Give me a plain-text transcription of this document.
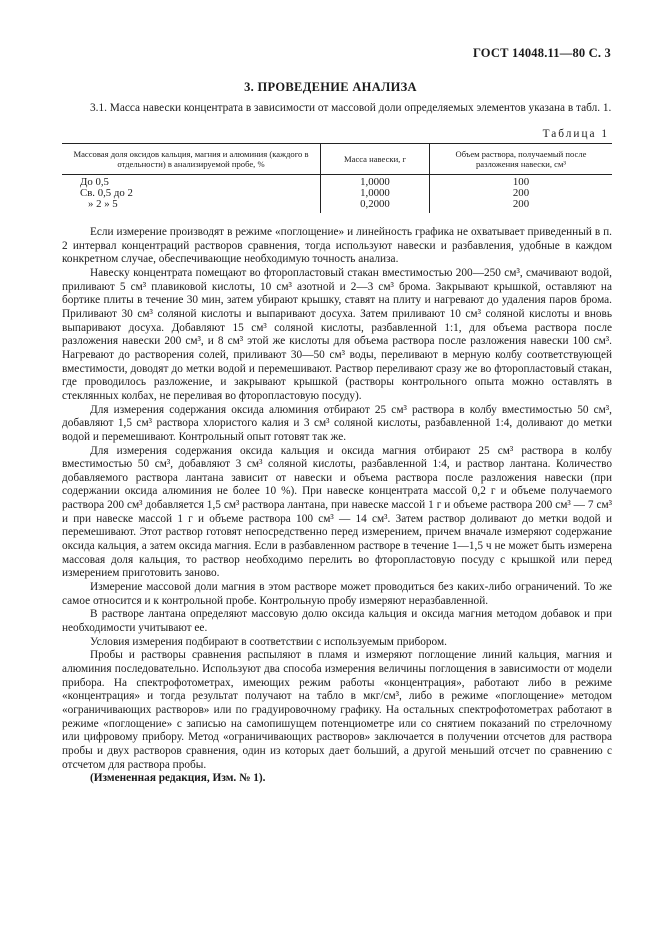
ГОСТ 14048.11—80 С. 3
3. ПРОВЕДЕНИЕ АНАЛИЗА

3.1. Масса навески концентрата в зависимости от массовой доли определяемых элементов указана в табл. 1.

Таблица 1
Массовая доля оксидов кальция, магния и алюминия (каждого в отдельности) в анализируемой пробе, %	Масса навески, г	Объем раствора, получаемый после разложения навески, см³
До 0,5	1,0000	100
Св. 0,5 до 2	1,0000	200
» 2 » 5	0,2000	200

Если измерение производят в режиме «поглощение» и линейность графика не охватывает приведенный в п. 2 интервал концентраций растворов сравнения, тогда используют навески и разбавления, удобные в каждом конкретном случае, обеспечивающие необходимую точность анализа.

Навеску концентрата помещают во фторопластовый стакан вместимостью 200—250 см³, смачивают водой, приливают 5 см³ плавиковой кислоты, 10 см³ азотной и 2—3 см³ брома. Закрывают крышкой, оставляют на бортике плиты в течение 30 мин, затем убирают крышку, ставят на плиту и нагревают до удаления паров брома. Приливают 30 см³ соляной кислоты и выпаривают досуха. Затем приливают 10 см³ соляной кислоты и вновь выпаривают досуха. Добавляют 15 см³ соляной кислоты, разбавленной 1:1, для объема раствора после разложения навески 200 см³, и 8 см³ этой же кислоты для объема раствора после разложения навески 100 см³. Нагревают до растворения солей, приливают 30—50 см³ воды, переливают в мерную колбу соответствующей вместимости, доводят до метки водой и перемешивают. Раствор переливают сразу же во фторопластовый стакан, где проводилось разложение, и закрывают крышкой (растворы контрольного опыта можно оставлять в стеклянных колбах, не переливая во фторопластовую посуду).

Для измерения содержания оксида алюминия отбирают 25 см³ раствора в колбу вместимостью 50 см³, добавляют 1,5 см³ раствора хлористого калия и 3 см³ соляной кислоты, разбавленной 1:4, доливают до метки водой и перемешивают. Контрольный опыт готовят так же.

Для измерения содержания оксида кальция и оксида магния отбирают 25 см³ раствора в колбу вместимостью 50 см³, добавляют 3 см³ соляной кислоты, разбавленной 1:4, и раствор лантана. Количество добавляемого раствора лантана зависит от навески и объема раствора после разложения навески (при содержании оксида алюминия не более 10 %). При навеске концентрата массой 0,2 г и объеме получаемого раствора 200 см³ добавляется 1,5 см³ раствора лантана, при навеске массой 1 г и объеме раствора 200 см³ — 7 см³ и при навеске массой 1 г и объеме раствора 100 см³ — 14 см³. Затем раствор доливают до метки водой и перемешивают. Этот раствор готовят непосредственно перед измерением, причем вначале измеряют содержание оксида кальция, а затем оксида магния. Если в разбавленном растворе в течение 1—1,5 ч не может быть измерена массовая доля кальция, то раствор необходимо перелить во фторопластовую посуду с крышкой или перед измерением приготовить заново.

Измерение массовой доли магния в этом растворе может проводиться без каких-либо ограничений. То же самое относится и к контрольной пробе. Контрольную пробу измеряют неразбавленной.

В растворе лантана определяют массовую долю оксида кальция и оксида магния методом добавок и при необходимости учитывают ее.

Условия измерения подбирают в соответствии с используемым прибором.

Пробы и растворы сравнения распыляют в пламя и измеряют поглощение линий кальция, магния и алюминия последовательно. Используют два способа измерения величины поглощения в зависимости от модели прибора. На спектрофотометрах, имеющих режим работы «концентрация», работают либо в режиме «концентрация» и тогда результат получают на табло в мкг/см³, либо в режиме «поглощение» методом «ограничивающих растворов» или по градуировочному графику. На остальных спектрофотометрах работают в режиме «поглощение» с записью на самопишущем потенциометре или со снятием показаний по стрелочному или цифровому прибору. Метод «ограничивающих растворов» заключается в получении отсчетов для раствора пробы и двух растворов сравнения, один из которых дает больший, а другой меньший отсчет по сравнению с отсчетом для раствора пробы.

(Измененная редакция, Изм. № 1).
